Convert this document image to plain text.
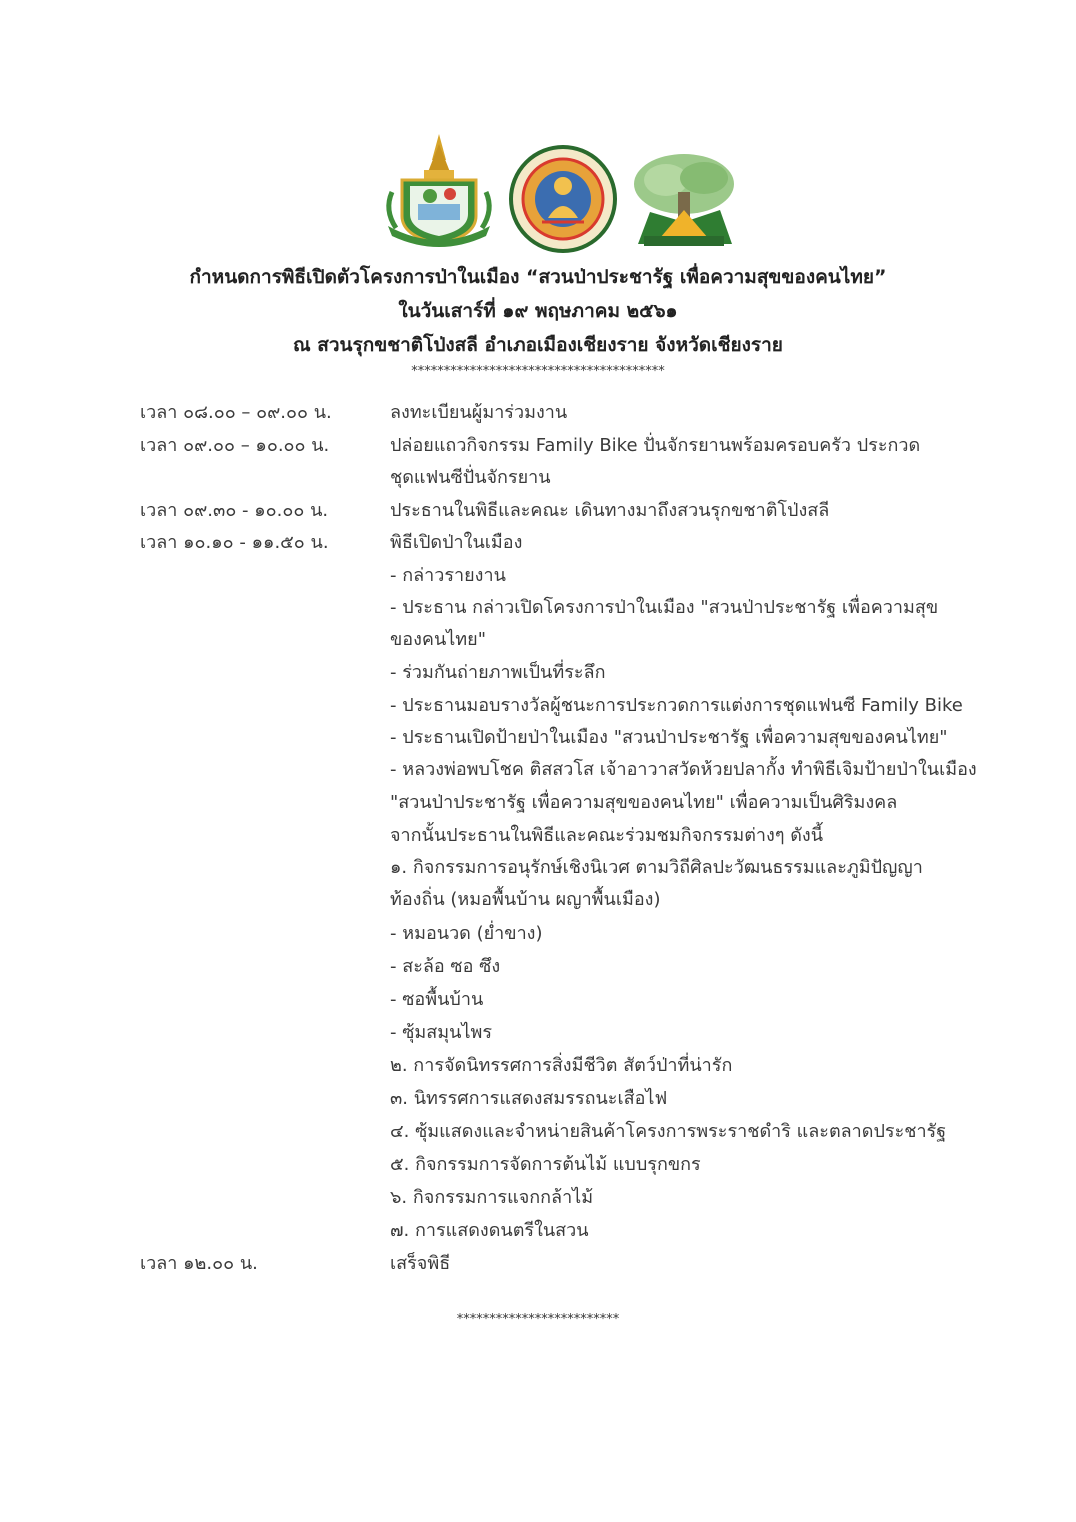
กำหนดการพิธีเปิดตัวโครงการป่าในเมือง “สวนป่าประชารัฐ เพื่อความสุขของคนไทย”
ในวันเสาร์ที่ ๑๙ พฤษภาคม ๒๕๖๑
ณ สวนรุกขชาติโป่งสลี อำเภอเมืองเชียงราย จังหวัดเชียงราย
***************************************
เวลา ๐๘.๐๐ – ๐๙.๐๐ น.	ลงทะเบียนผู้มาร่วมงาน
เวลา ๐๙.๐๐ – ๑๐.๐๐ น.	ปล่อยแถวกิจกรรม Family Bike ปั่นจักรยานพร้อมครอบครัว ประกวด
ชุดแฟนซีปั่นจักรยาน
เวลา ๐๙.๓๐ - ๑๐.๐๐ น.	ประธานในพิธีและคณะ เดินทางมาถึงสวนรุกขชาติโป่งสลี
เวลา ๑๐.๑๐ - ๑๑.๕๐ น.	พิธีเปิดป่าในเมือง
- กล่าวรายงาน
- ประธาน กล่าวเปิดโครงการป่าในเมือง "สวนป่าประชารัฐ เพื่อความสุข
ของคนไทย"
- ร่วมกันถ่ายภาพเป็นที่ระลึก
- ประธานมอบรางวัลผู้ชนะการประกวดการแต่งการชุดแฟนซี Family Bike
- ประธานเปิดป้ายป่าในเมือง "สวนป่าประชารัฐ เพื่อความสุขของคนไทย"
- หลวงพ่อพบโชค ติสสวโส เจ้าอาวาสวัดห้วยปลากั้ง ทำพิธีเจิมป้ายป่าในเมือง
"สวนป่าประชารัฐ เพื่อความสุขของคนไทย" เพื่อความเป็นศิริมงคล
จากนั้นประธานในพิธีและคณะร่วมชมกิจกรรมต่างๆ ดังนี้
๑. กิจกรรมการอนุรักษ์เชิงนิเวศ ตามวิถีศิลปะวัฒนธรรมและภูมิปัญญา
ท้องถิ่น (หมอพื้นบ้าน ผญาพื้นเมือง)
- หมอนวด (ย่ำขาง)
- สะล้อ ซอ ซึง
- ซอพื้นบ้าน
- ซุ้มสมุนไพร
๒. การจัดนิทรรศการสิ่งมีชีวิต สัตว์ป่าที่น่ารัก
๓. นิทรรศการแสดงสมรรถนะเสือไฟ
๔. ซุ้มแสดงและจำหน่ายสินค้าโครงการพระราชดำริ และตลาดประชารัฐ
๕. กิจกรรมการจัดการต้นไม้ แบบรุกขกร
๖. กิจกรรมการแจกกล้าไม้
๗. การแสดงดนตรีในสวน
เวลา ๑๒.๐๐ น.	เสร็จพิธี
*************************
